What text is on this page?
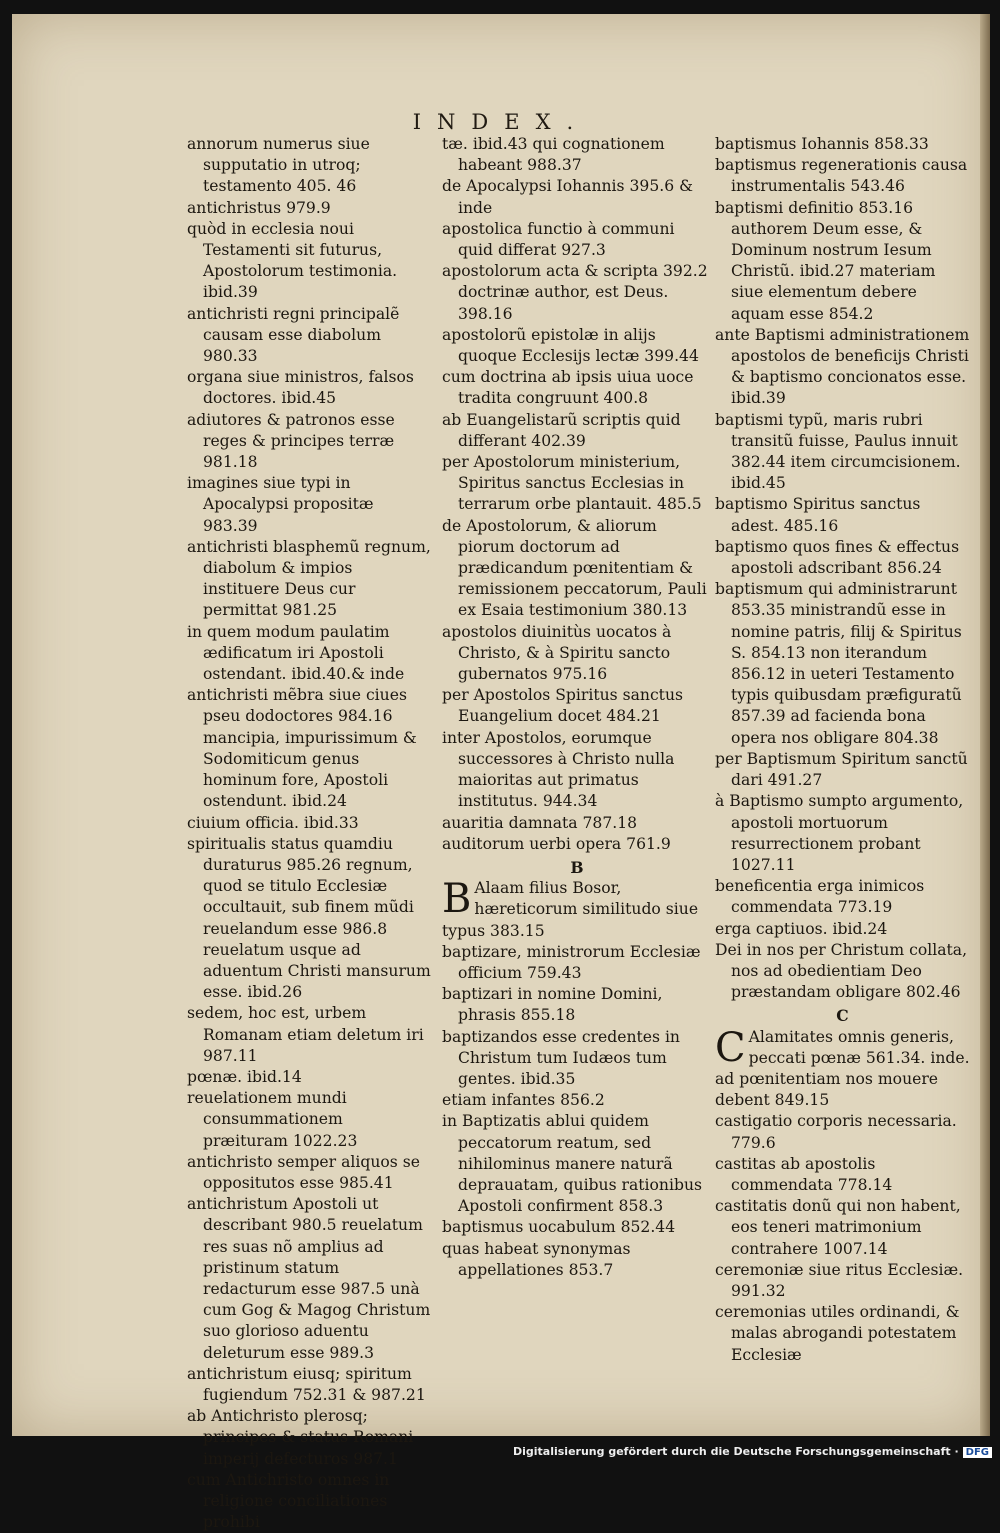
INDEX.

annorum numerus siue supputatio in utroq; testamento 405. 46

antichristus 979.9

quòd in ecclesia noui Testamenti sit futurus, Apostolorum testimonia. ibid.39

antichristi regni principalẽ causam esse diabolum 980.33

organa siue ministros, falsos doctores. ibid.45

adiutores & patronos esse reges & principes terræ 981.18

imagines siue typi in Apocalypsi propositæ 983.39

antichristi blasphemũ regnum, diabolum & impios instituere Deus cur permittat 981.25

in quem modum paulatim ædificatum iri Apostoli ostendant. ibid.40.& inde

antichristi mẽbra siue ciues pseu dodoctores 984.16 mancipia, impurissimum & Sodomiticum genus hominum fore, Apostoli ostendunt. ibid.24

ciuium officia. ibid.33

spiritualis status quamdiu duraturus 985.26 regnum, quod se titulo Ecclesiæ occultauit, sub finem mũdi reuelandum esse 986.8 reuelatum usque ad aduentum Christi mansurum esse. ibid.26

sedem, hoc est, urbem Romanam etiam deletum iri 987.11

pœnæ. ibid.14

reuelationem mundi consummationem præituram 1022.23

antichristo semper aliquos se oppositutos esse 985.41

antichristum Apostoli ut describant 980.5 reuelatum res suas nõ amplius ad pristinum statum redacturum esse 987.5 unà cum Gog & Magog Christum suo glorioso aduentu deleturum esse 989.3

antichristum eiusq; spiritum fugiendum 752.31 & 987.21

ab Antichristo plerosq; principes & status Romani imperij defecturos 987.1

cum Antichristo omnes in religione conciliationes prohibi

tæ. ibid.43 qui cognationem habeant 988.37

de Apocalypsi Iohannis 395.6 & inde

apostolica functio à communi quid differat 927.3

apostolorum acta & scripta 392.2 doctrinæ author, est Deus. 398.16

apostolorũ epistolæ in alijs quoque Ecclesijs lectæ 399.44

cum doctrina ab ipsis uiua uoce tradita congruunt 400.8

ab Euangelistarũ scriptis quid differant 402.39

per Apostolorum ministerium, Spiritus sanctus Ecclesias in terrarum orbe plantauit. 485.5

de Apostolorum, & aliorum piorum doctorum ad prædicandum pœnitentiam & remissionem peccatorum, Pauli ex Esaia testimonium 380.13

apostolos diuinitùs uocatos à Christo, & à Spiritu sancto gubernatos 975.16

per Apostolos Spiritus sanctus Euangelium docet 484.21

inter Apostolos, eorumque successores à Christo nulla maioritas aut primatus institutus. 944.34

auaritia damnata 787.18

auditorum uerbi opera 761.9

B

B Alaam filius Bosor, hæreticorum similitudo siue typus 383.15

baptizare, ministrorum Ecclesiæ officium 759.43

baptizari in nomine Domini, phrasis 855.18

baptizandos esse credentes in Christum tum Iudæos tum gentes. ibid.35

etiam infantes 856.2

in Baptizatis ablui quidem peccatorum reatum, sed nihilominus manere naturã deprauatam, quibus rationibus Apostoli confirment 858.3

baptismus uocabulum 852.44

quas habeat synonymas appellationes 853.7

baptismus Iohannis 858.33

baptismus regenerationis causa instrumentalis 543.46

baptismi definitio 853.16 authorem Deum esse, & Dominum nostrum Iesum Christũ. ibid.27 materiam siue elementum debere aquam esse 854.2

ante Baptismi administrationem apostolos de beneficijs Christi & baptismo concionatos esse. ibid.39

baptismi typũ, maris rubri transitũ fuisse, Paulus innuit 382.44 item circumcisionem. ibid.45

baptismo Spiritus sanctus adest. 485.16

baptismo quos fines & effectus apostoli adscribant 856.24

baptismum qui administrarunt 853.35 ministrandũ esse in nomine patris, filij & Spiritus S. 854.13 non iterandum 856.12 in ueteri Testamento typis quibusdam præfiguratũ 857.39 ad facienda bona opera nos obligare 804.38

per Baptismum Spiritum sanctũ dari 491.27

à Baptismo sumpto argumento, apostoli mortuorum resurrectionem probant 1027.11

beneficentia erga inimicos commendata 773.19

erga captiuos. ibid.24

Dei in nos per Christum collata, nos ad obedientiam Deo præstandam obligare 802.46

C

C Alamitates omnis generis, peccati pœnæ 561.34. inde. ad pœnitentiam nos mouere debent 849.15

castigatio corporis necessaria. 779.6

castitas ab apostolis commendata 778.14

castitatis donũ qui non habent, eos teneri matrimonium contrahere 1007.14

ceremoniæ siue ritus Ecclesiæ. 991.32

ceremonias utiles ordinandi, & malas abrogandi potestatem Ecclesiæ

Digitalisierung gefördert durch die Deutsche Forschungsgemeinschaft · DFG
